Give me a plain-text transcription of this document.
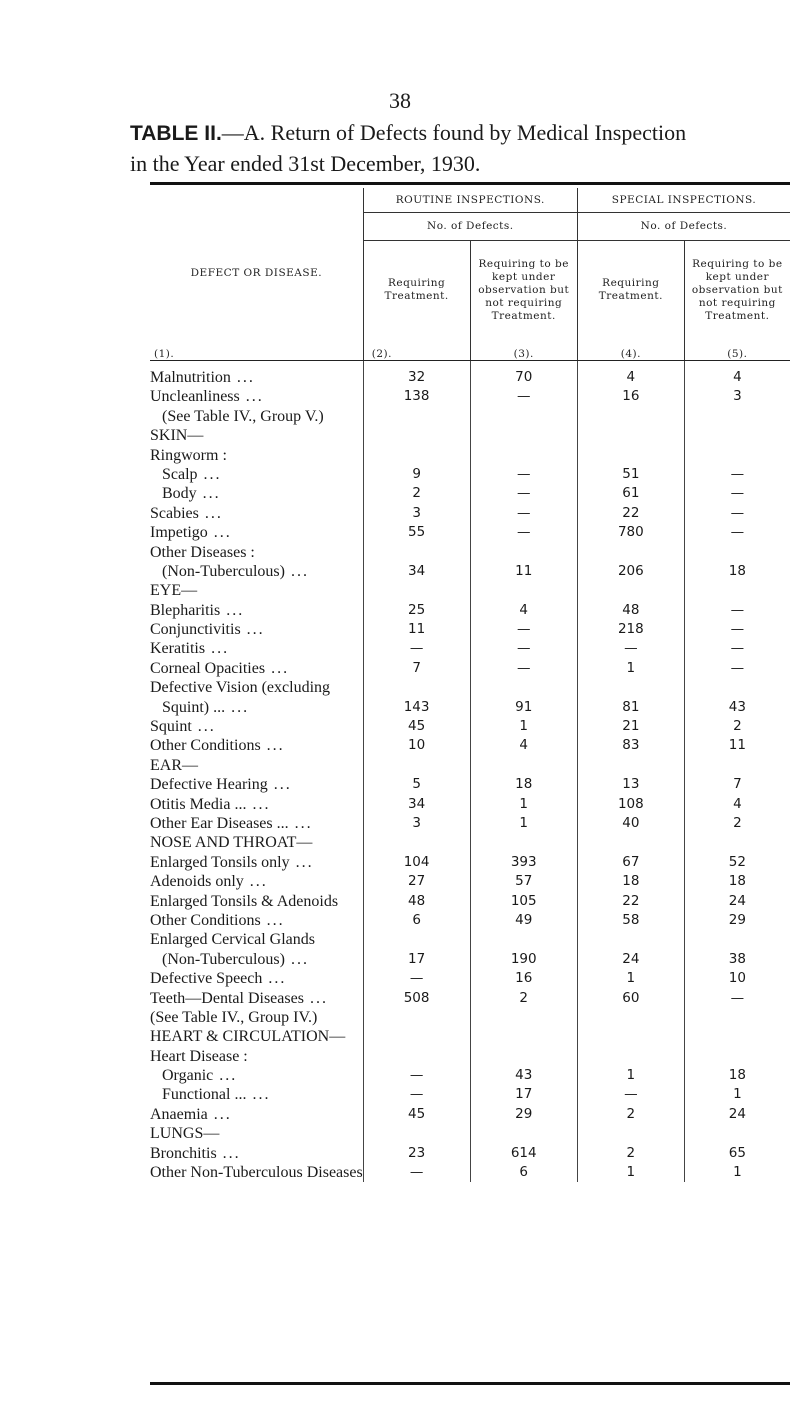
38
TABLE II.—A. Return of Defects found by Medical Inspection
in the Year ended 31st December, 1930.
DEFECT OR DISEASE.	ROUTINE INSPECTIONS.		SPECIAL INSPECTIONS.	
	No. of Defects.		No. of Defects.	
	Requiring Treatment.	Requiring to be kept under observation but not requiring Treatment.	Requiring Treatment.	Requiring to be kept under observation but not requiring Treatment.
(1).	(2).	(3).	(4).	(5).
Malnutrition ...	32	70	4	4
Uncleanliness ...	138	—	16	3
(See Table IV., Group V.)				
SKIN—				
Ringworm :				
Scalp ...	9	—	51	—
Body ...	2	—	61	—
Scabies ...	3	—	22	—
Impetigo ...	55	—	780	—
Other Diseases :				
(Non-Tuberculous) ...	34	11	206	18
EYE—				
Blepharitis ...	25	4	48	—
Conjunctivitis ...	11	—	218	—
Keratitis ...	—	—	—	—
Corneal Opacities ...	7	—	1	—
Defective Vision (excluding				
Squint) ... ...	143	91	81	43
Squint ...	45	1	21	2
Other Conditions ...	10	4	83	11
EAR—				
Defective Hearing ...	5	18	13	7
Otitis Media ... ...	34	1	108	4
Other Ear Diseases ... ...	3	1	40	2
NOSE AND THROAT—				
Enlarged Tonsils only ...	104	393	67	52
Adenoids only ...	27	57	18	18
Enlarged Tonsils & Adenoids	48	105	22	24
Other Conditions ...	6	49	58	29
Enlarged Cervical Glands				
(Non-Tuberculous) ...	17	190	24	38
Defective Speech ...	—	16	1	10
Teeth—Dental Diseases ...	508	2	60	—
(See Table IV., Group IV.)				
HEART & CIRCULATION—				
Heart Disease :				
Organic ...	—	43	1	18
Functional ... ...	—	17	—	1
Anaemia ...	45	29	2	24
LUNGS—				
Bronchitis ...	23	614	2	65
Other Non-Tuberculous Diseases	—	6	1	1
